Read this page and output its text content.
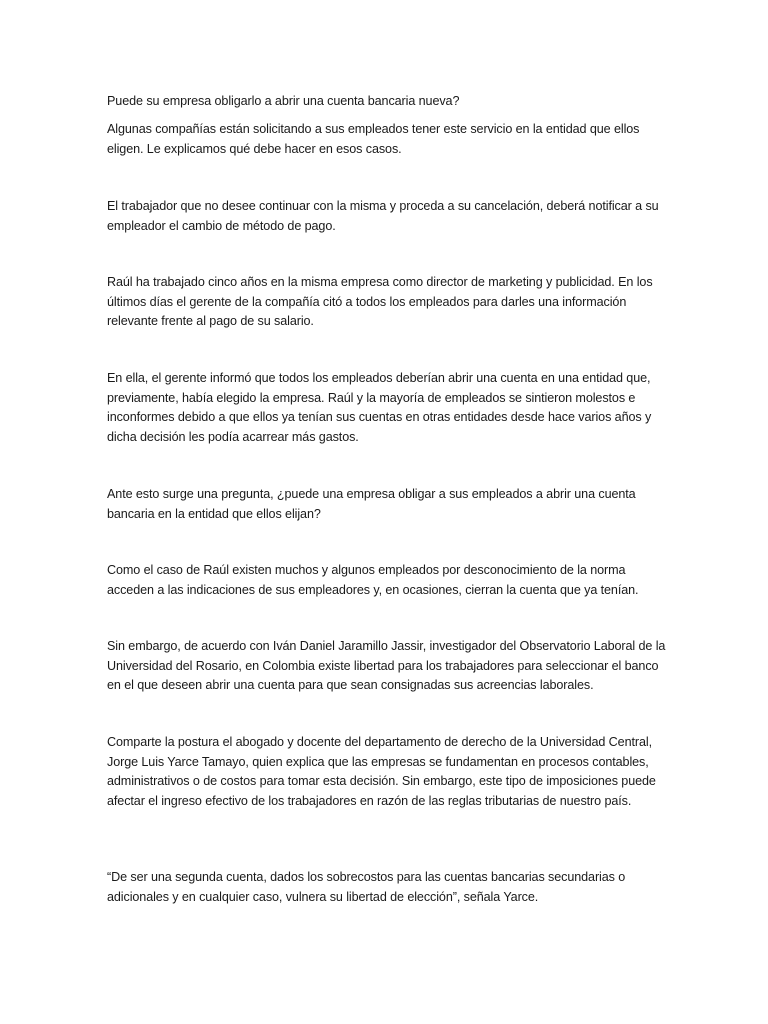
Puede su empresa obligarlo a abrir una cuenta bancaria nueva?

Algunas compañías están solicitando a sus empleados tener este servicio en la entidad que ellos eligen. Le explicamos qué debe hacer en esos casos.

El trabajador que no desee continuar con la misma y proceda a su cancelación, deberá notificar a su empleador el cambio de método de pago.

Raúl ha trabajado cinco años en la misma empresa como director de marketing y publicidad. En los últimos días el gerente de la compañía citó a todos los empleados para darles una información relevante frente al pago de su salario.

En ella, el gerente informó que todos los empleados deberían abrir una cuenta en una entidad que, previamente, había elegido la empresa. Raúl y la mayoría de empleados se sintieron molestos e inconformes debido a que ellos ya tenían sus cuentas en otras entidades desde hace varios años y dicha decisión les podía acarrear más gastos.

Ante esto surge una pregunta, ¿puede una empresa obligar a sus empleados a abrir una cuenta bancaria en la entidad que ellos elijan?

Como el caso de Raúl existen muchos y algunos empleados por desconocimiento de la norma acceden a las indicaciones de sus empleadores y, en ocasiones, cierran la cuenta que ya tenían.

Sin embargo, de acuerdo con Iván Daniel Jaramillo Jassir, investigador del Observatorio Laboral de la Universidad del Rosario, en Colombia existe libertad para los trabajadores para seleccionar el banco en el que deseen abrir una cuenta para que sean consignadas sus acreencias laborales.

Comparte la postura el abogado y docente del departamento de derecho de la Universidad Central, Jorge Luis Yarce Tamayo, quien explica que las empresas se fundamentan en procesos contables, administrativos o de costos para tomar esta decisión. Sin embargo, este tipo de imposiciones puede afectar el ingreso efectivo de los trabajadores en razón de las reglas tributarias de nuestro país.

“De ser una segunda cuenta, dados los sobrecostos para las cuentas bancarias secundarias o adicionales y en cualquier caso, vulnera su libertad de elección”, señala Yarce.
